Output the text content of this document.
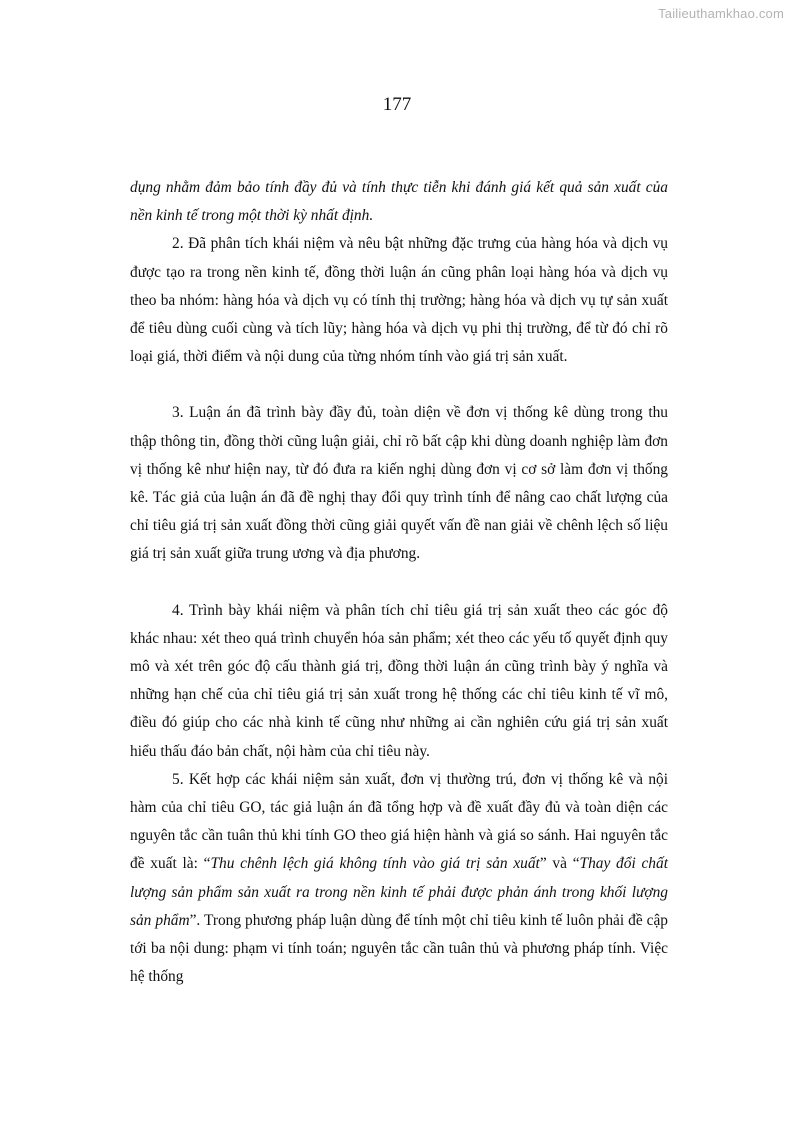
Tailieuthamkhao.com
177

dụng nhằm đảm bảo tính đầy đủ và tính thực tiễn khi đánh giá kết quả sản xuất của nền kinh tế trong một thời kỳ nhất định.

2. Đã phân tích khái niệm và nêu bật những đặc trưng của hàng hóa và dịch vụ được tạo ra trong nền kinh tế, đồng thời luận án cũng phân loại hàng hóa và dịch vụ theo ba nhóm: hàng hóa và dịch vụ có tính thị trường; hàng hóa và dịch vụ tự sản xuất để tiêu dùng cuối cùng và tích lũy; hàng hóa và dịch vụ phi thị trường, để từ đó chỉ rõ loại giá, thời điểm và nội dung của từng nhóm tính vào giá trị sản xuất.

3. Luận án đã trình bày đầy đủ, toàn diện về đơn vị thống kê dùng trong thu thập thông tin, đồng thời cũng luận giải, chỉ rõ bất cập khi dùng doanh nghiệp làm đơn vị thống kê như hiện nay, từ đó đưa ra kiến nghị dùng đơn vị cơ sở làm đơn vị thống kê. Tác giả của luận án đã đề nghị thay đổi quy trình tính để nâng cao chất lượng của chỉ tiêu giá trị sản xuất đồng thời cũng giải quyết vấn đề nan giải về chênh lệch số liệu giá trị sản xuất giữa trung ương và địa phương.

4. Trình bày khái niệm và phân tích chỉ tiêu giá trị sản xuất theo các góc độ khác nhau: xét theo quá trình chuyển hóa sản phẩm; xét theo các yếu tố quyết định quy mô và xét trên góc độ cấu thành giá trị, đồng thời luận án cũng trình bày ý nghĩa và những hạn chế của chỉ tiêu giá trị sản xuất trong hệ thống các chỉ tiêu kinh tế vĩ mô, điều đó giúp cho các nhà kinh tế cũng như những ai cần nghiên cứu giá trị sản xuất hiểu thấu đáo bản chất, nội hàm của chỉ tiêu này.

5. Kết hợp các khái niệm sản xuất, đơn vị thường trú, đơn vị thống kê và nội hàm của chỉ tiêu GO, tác giả luận án đã tổng hợp và đề xuất đầy đủ và toàn diện các nguyên tắc cần tuân thủ khi tính GO theo giá hiện hành và giá so sánh. Hai nguyên tắc đề xuất là: “Thu chênh lệch giá không tính vào giá trị sản xuất” và “Thay đổi chất lượng sản phẩm sản xuất ra trong nền kinh tế phải được phản ánh trong khối lượng sản phẩm”. Trong phương pháp luận dùng để tính một chỉ tiêu kinh tế luôn phải đề cập tới ba nội dung: phạm vi tính toán; nguyên tắc cần tuân thủ và phương pháp tính. Việc hệ thống
